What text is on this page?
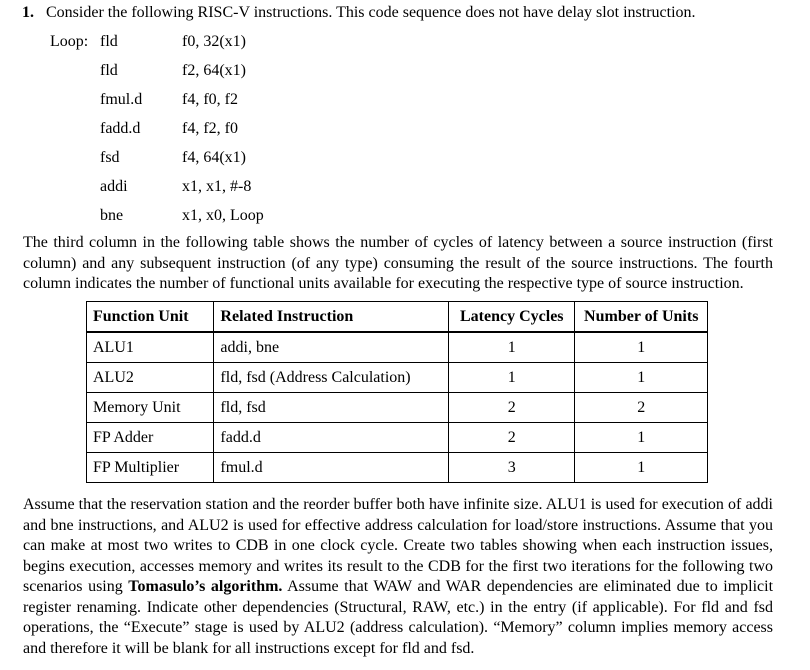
1. Consider the following RISC-V instructions. This code sequence does not have delay slot instruction.
Loop: fld	f0, 32(x1)
fld	f2, 64(x1)
fmul.d f4, f0, f2
fadd.d	f4, f2, f0
fsd	f4, 64(x1)
addi	x1, x1, #-8
bne	x1, x0, Loop
The third column in the following table shows the number of cycles of latency between a source instruction (first column) and any subsequent instruction (of any type) consuming the result of the source instructions. The fourth column indicates the number of functional units available for executing the respective type of source instruction.
Function Unit	Related Instruction	Latency Cycles	Number of Units
ALU1	addi, bne	1	1
ALU2	fld, fsd (Address Calculation)	1	1
Memory Unit	fld, fsd	2	2
FP Adder	fadd.d	2	1
FP Multiplier	fmul.d	3	1
Assume that the reservation station and the reorder buffer both have infinite size. ALU1 is used for execution of addi and bne instructions, and ALU2 is used for effective address calculation for load/store instructions. Assume that you can make at most two writes to CDB in one clock cycle. Create two tables showing when each instruction issues, begins execution, accesses memory and writes its result to the CDB for the first two iterations for the following two scenarios using Tomasulo’s algorithm. Assume that WAW and WAR dependencies are eliminated due to implicit register renaming. Indicate other dependencies (Structural, RAW, etc.) in the entry (if applicable). For fld and fsd operations, the “Execute” stage is used by ALU2 (address calculation). “Memory” column implies memory access and therefore it will be blank for all instructions except for fld and fsd.
